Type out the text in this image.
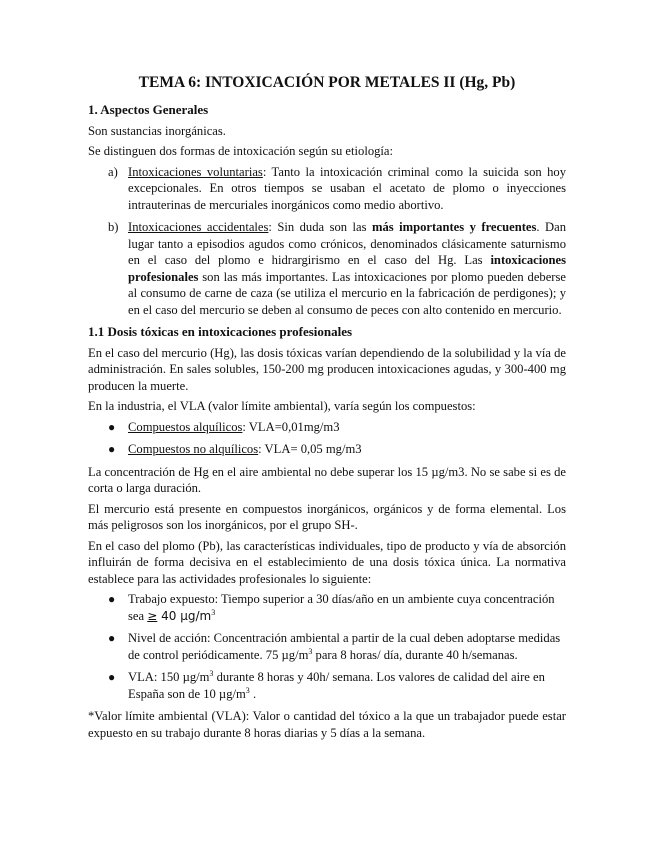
TEMA 6: INTOXICACIÓN POR METALES II (Hg, Pb)
1. Aspectos Generales

Son sustancias inorgánicas.

Se distinguen dos formas de intoxicación según su etiología:

a) Intoxicaciones voluntarias: Tanto la intoxicación criminal como la suicida son hoy excepcionales. En otros tiempos se usaban el acetato de plomo o inyecciones intrauterinas de mercuriales inorgánicos como medio abortivo.
b) Intoxicaciones accidentales: Sin duda son las más importantes y frecuentes. Dan lugar tanto a episodios agudos como crónicos, denominados clásicamente saturnismo en el caso del plomo e hidrargirismo en el caso del Hg. Las intoxicaciones profesionales son las más importantes. Las intoxicaciones por plomo pueden deberse al consumo de carne de caza (se utiliza el mercurio en la fabricación de perdigones); y en el caso del mercurio se deben al consumo de peces con alto contenido en mercurio.
1.1 Dosis tóxicas en intoxicaciones profesionales

En el caso del mercurio (Hg), las dosis tóxicas varían dependiendo de la solubilidad y la vía de administración. En sales solubles, 150-200 mg producen intoxicaciones agudas, y 300-400 mg producen la muerte.

En la industria, el VLA (valor límite ambiental), varía según los compuestos:

●	Compuestos alquílicos: VLA=0,01mg/m3
●	Compuestos no alquílicos: VLA= 0,05 mg/m3

La concentración de Hg en el aire ambiental no debe superar los 15 µg/m3. No se sabe si es de corta o larga duración.

El mercurio está presente en compuestos inorgánicos, orgánicos y de forma elemental. Los más peligrosos son los inorgánicos, por el grupo SH-.

En el caso del plomo (Pb), las características individuales, tipo de producto y vía de absorción influirán de forma decisiva en el establecimiento de una dosis tóxica única. La normativa establece para las actividades profesionales lo siguiente:

●	Trabajo expuesto: Tiempo superior a 30 días/año en un ambiente cuya concentración sea ≥ 40 $\mu g/m^3$
●	Nivel de acción: Concentración ambiental a partir de la cual deben adoptarse medidas de control periódicamente. 75 $\mu g/m^3$ para 8 horas/ día, durante 40 h/semanas.
●	VLA: 150 $\mu g/m^3$ durante 8 horas y 40h/ semana. Los valores de calidad del aire en España son de 10 $\mu g/m^3$ .

*Valor límite ambiental (VLA): Valor o cantidad del tóxico a la que un trabajador puede estar expuesto en su trabajo durante 8 horas diarias y 5 días a la semana.
